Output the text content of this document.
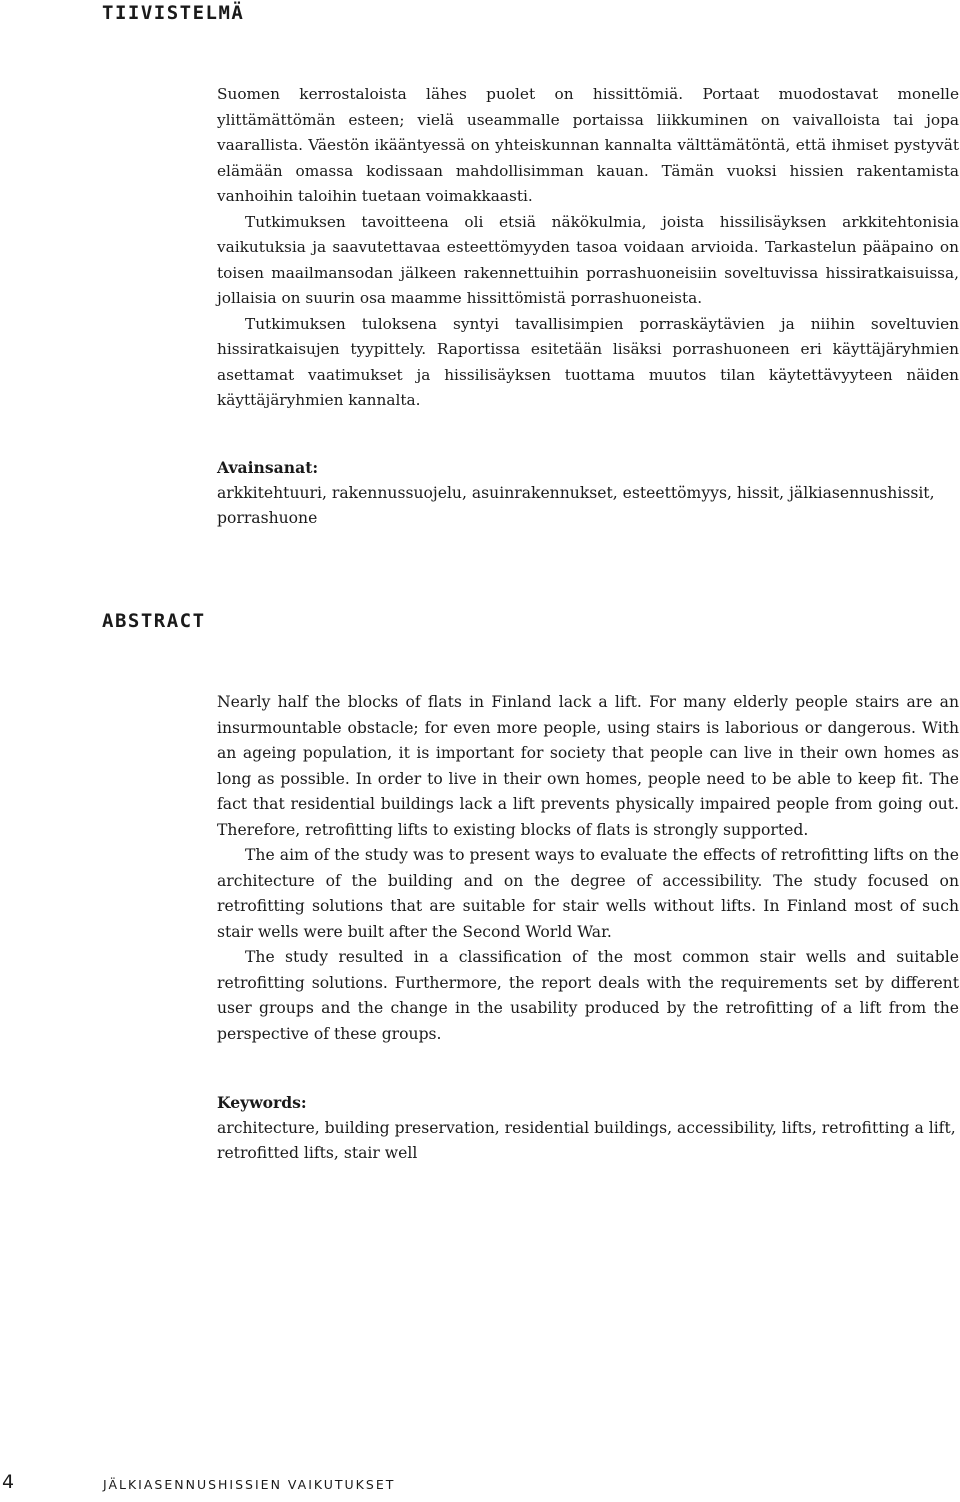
TIIVISTELMÄ

Suomen kerrostaloista lähes puolet on hissittömiä. Portaat muodostavat monelle ylittämättömän esteen; vielä useammalle portaissa liikkuminen on vaivalloista tai jopa vaarallista. Väestön ikääntyessä on yhteiskunnan kannalta välttämätöntä, että ihmiset pystyvät elämään omassa kodissaan mahdollisimman kauan. Tämän vuoksi hissien rakentamista vanhoihin taloihin tuetaan voimakkaasti.

Tutkimuksen tavoitteena oli etsiä näkökulmia, joista hissilisäyksen arkkitehtonisia vaikutuksia ja saavutettavaa esteettömyyden tasoa voidaan arvioida. Tarkastelun pääpaino on toisen maailmansodan jälkeen rakennettuihin porrashuoneisiin soveltuvissa hissiratkaisuissa, jollaisia on suurin osa maamme hissittömistä porrashuoneista.

Tutkimuksen tuloksena syntyi tavallisimpien porraskäytävien ja niihin soveltuvien hissiratkaisujen tyypittely. Raportissa esitetään lisäksi porrashuoneen eri käyttäjäryhmien asettamat vaatimukset ja hissilisäyksen tuottama muutos tilan käytettävyyteen näiden käyttäjäryhmien kannalta.

Avainsanat:
arkkitehtuuri, rakennussuojelu, asuinrakennukset, esteettömyys, hissit, jälkiasennushissit, porrashuone
ABSTRACT

Nearly half the blocks of flats in Finland lack a lift. For many elderly people stairs are an insurmountable obstacle; for even more people, using stairs is laborious or dangerous. With an ageing population, it is important for society that people can live in their own homes as long as possible. In order to live in their own homes, people need to be able to keep fit. The fact that residential buildings lack a lift prevents physically impaired people from going out. Therefore, retrofitting lifts to existing blocks of flats is strongly supported.

The aim of the study was to present ways to evaluate the effects of retrofitting lifts on the architecture of the building and on the degree of accessibility. The study focused on retrofitting solutions that are suitable for stair wells without lifts. In Finland most of such stair wells were built after the Second World War.

The study resulted in a classification of the most common stair wells and suitable retrofitting solutions. Furthermore, the report deals with the requirements set by different user groups and the change in the usability produced by the retrofitting of a lift from the perspective of these groups.

Keywords:
architecture, building preservation, residential buildings, accessibility, lifts, retrofitting a lift, retrofitted lifts, stair well
4	JÄLKIASENNUSHISSIEN VAIKUTUKSET
